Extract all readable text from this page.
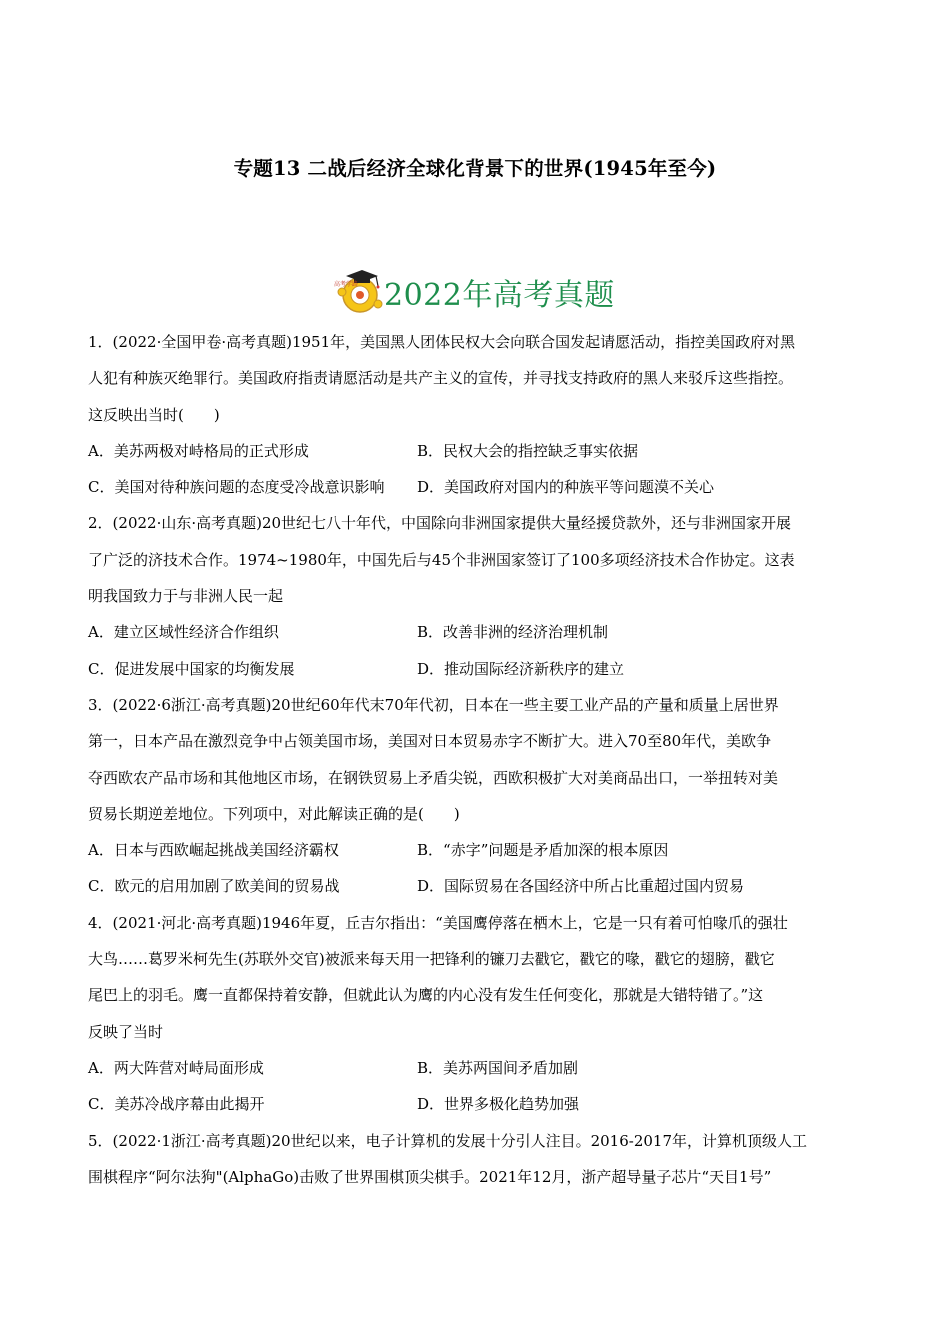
专题13 二战后经济全球化背景下的世界(1945年至今)
高考学路 2022年高考真题
1．(2022·全国甲卷·高考真题)1951年，美国黑人团体民权大会向联合国发起请愿活动，指控美国政府对黑
人犯有种族灭绝罪行。美国政府指责请愿活动是共产主义的宣传，并寻找支持政府的黑人来驳斥这些指控。
这反映出当时(　　)
A．美苏两极对峙格局的正式形成	B．民权大会的指控缺乏事实依据
C．美国对待种族问题的态度受冷战意识影响 D．美国政府对国内的种族平等问题漠不关心
2．(2022·山东·高考真题)20世纪七八十年代，中国除向非洲国家提供大量经援贷款外，还与非洲国家开展
了广泛的济技术合作。1974~1980年，中国先后与45个非洲国家签订了100多项经济技术合作协定。这表
明我国致力于与非洲人民一起
A．建立区域性经济合作组织	B．改善非洲的经济治理机制
C．促进发展中国家的均衡发展	D．推动国际经济新秩序的建立
3．(2022·6浙江·高考真题)20世纪60年代末70年代初，日本在一些主要工业产品的产量和质量上居世界
第一，日本产品在激烈竞争中占领美国市场，美国对日本贸易赤字不断扩大。进入70至80年代，美欧争
夺西欧农产品市场和其他地区市场，在钢铁贸易上矛盾尖锐，西欧积极扩大对美商品出口，一举扭转对美
贸易长期逆差地位。下列项中，对此解读正确的是(　　)
A．日本与西欧崛起挑战美国经济霸权	B．“赤字”问题是矛盾加深的根本原因
C．欧元的启用加剧了欧美间的贸易战	D．国际贸易在各国经济中所占比重超过国内贸易
4．(2021·河北·高考真题)1946年夏，丘吉尔指出：“美国鹰停落在栖木上，它是一只有着可怕喙爪的强壮
大鸟……葛罗米柯先生(苏联外交官)被派来每天用一把锋利的镰刀去戳它，戳它的喙，戳它的翅膀，戳它
尾巴上的羽毛。鹰一直都保持着安静，但就此认为鹰的内心没有发生任何变化，那就是大错特错了。”这
反映了当时
A．两大阵营对峙局面形成	B．美苏两国间矛盾加剧
C．美苏冷战序幕由此揭开	D．世界多极化趋势加强
5．(2022·1浙江·高考真题)20世纪以来，电子计算机的发展十分引人注目。2016-2017年，计算机顶级人工
围棋程序“阿尔法狗"(AlphaGo)击败了世界围棋顶尖棋手。2021年12月，浙产超导量子芯片“天目1号”
